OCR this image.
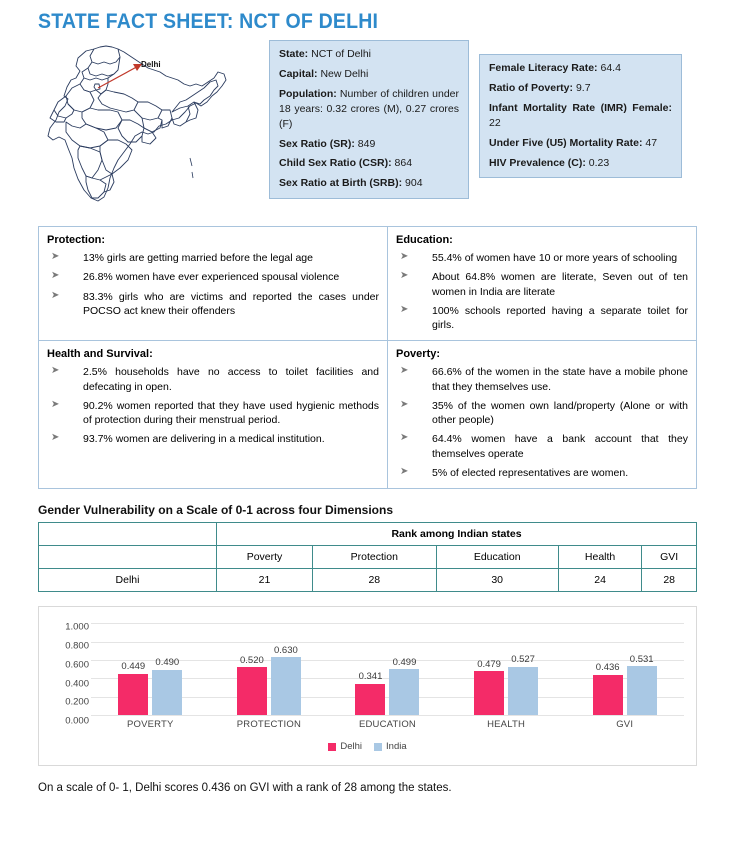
STATE FACT SHEET: NCT OF DELHI
Delhi

State: NCT of Delhi

Capital: New Delhi

Population: Number of children under 18 years: 0.32 crores (M), 0.27 crores (F)

Sex Ratio (SR): 849

Child Sex Ratio (CSR): 864

Sex Ratio at Birth (SRB): 904

Female Literacy Rate: 64.4

Ratio of Poverty: 9.7

Infant Mortality Rate (IMR) Female: 22

Under Five (U5) Mortality Rate: 47

HIV Prevalence (C): 0.23

Protection:
➤ 13% girls are getting married before the legal age
➤ 26.8% women have ever experienced spousal violence
➤ 83.3% girls who are victims and reported the cases under POCSO act knew their offenders
Education:
➤ 55.4% of women have 10 or more years of schooling
➤ About 64.8% women are literate, Seven out of ten women in India are literate
➤ 100% schools reported having a separate toilet for girls.
Health and Survival:
➤ 2.5% households have no access to toilet facilities and defecating in open.
➤ 90.2% women reported that they have used hygienic methods of protection during their menstrual period.
➤ 93.7% women are delivering in a medical institution.
Poverty:
➤ 66.6% of the women in the state have a mobile phone that they themselves use.
➤ 35% of the women own land/property (Alone or with other people)
➤ 64.4% women have a bank account that they themselves operate
➤ 5% of elected representatives are women.
Gender Vulnerability on a Scale of 0-1 across four Dimensions
	Rank among Indian states				
	Poverty	Protection	Education	Health	GVI
Delhi	21	28	30	24	28
0.000
0.200
0.400
0.600
0.800
1.000
0.449	0.490	0.520
0.630
0.341
0.499	0.479	0.527
0.436
0.531
POVERTY	PROTECTION	EDUCATION	HEALTH	GVI
Delhi	India
On a scale of 0- 1, Delhi scores 0.436 on GVI with a rank of 28 among the states.
